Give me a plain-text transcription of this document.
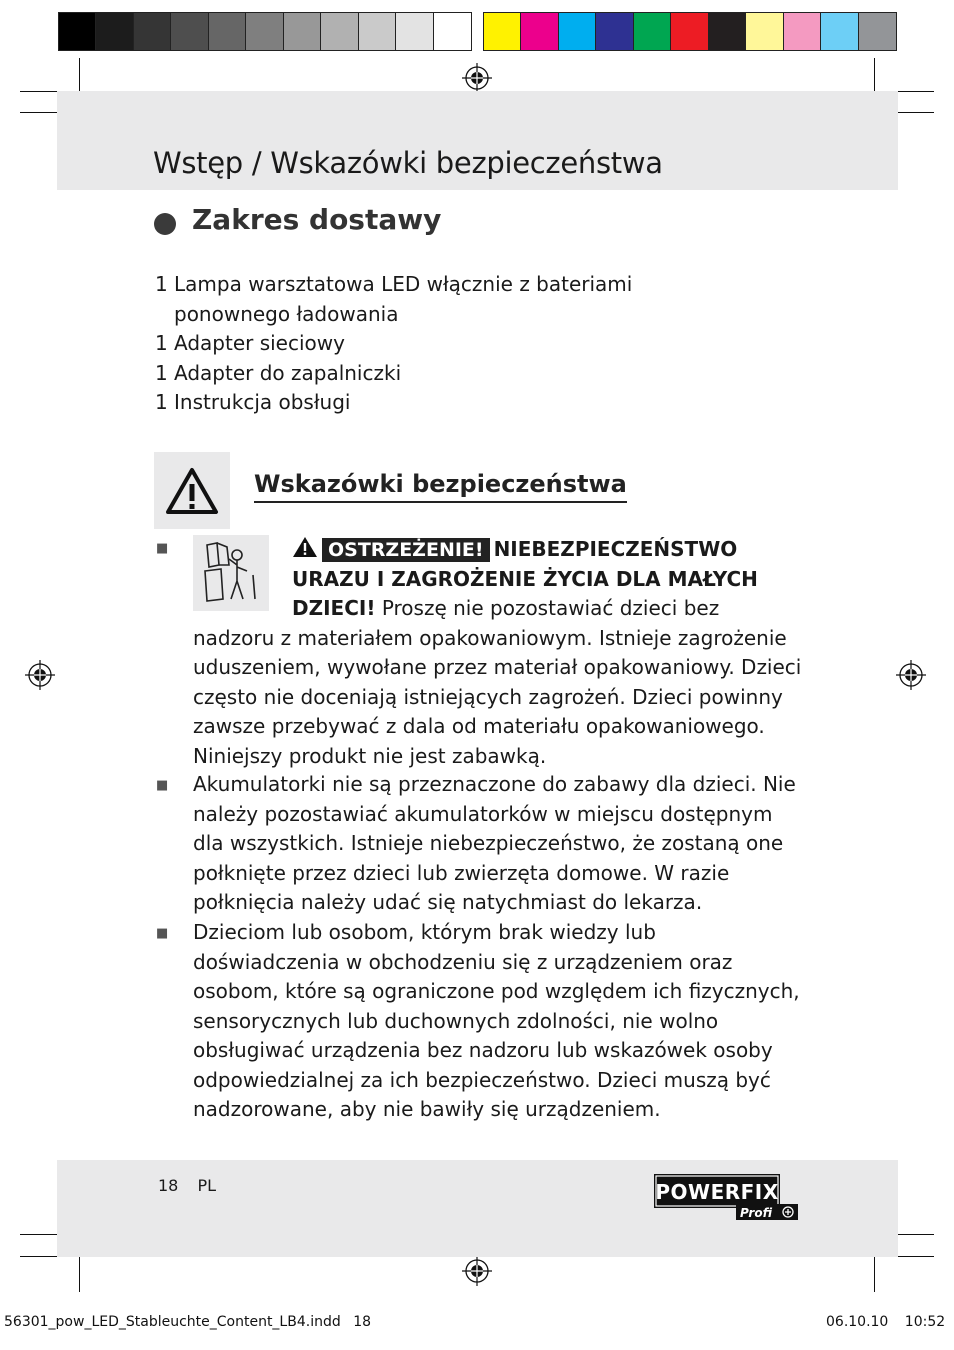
Wstęp / Wskazówki bezpieczeństwa
Zakres dostawy
1 Lampa warsztatowa LED włącznie z bateriami ponownego ładowania
1 Adapter sieciowy
1 Adapter do zapalniczki
1 Instrukcja obsługi
Wskazówki bezpieczeństwa
■	OSTRZEŻENIE! NIEBEZPIECZEŃSTWO URAZU I ZAGROŻENIE ŻYCIA DLA MAŁYCH DZIECI! Proszę nie pozostawiać dzieci bez nadzoru z materiałem opakowaniowym. Istnieje zagrożenie uduszeniem, wywołane przez materiał opakowaniowy. Dzieci często nie doceniają istniejących zagrożeń. Dzieci powinny zawsze przebywać z dala od materiału opakowaniowego. Niniejszy produkt nie jest zabawką.

■ Akumulatorki nie są przeznaczone do zabawy dla dzieci. Nie należy pozostawiać akumulatorków w miejscu dostępnym dla wszystkich. Istnieje niebezpieczeństwo, że zostaną one połknięte przez dzieci lub zwierzęta domowe. W razie połknięcia należy udać się natychmiast do lekarza.

■ Dzieciom lub osobom, którym brak wiedzy lub doświadczenia w obchodzeniu się z urządzeniem oraz osobom, które są ograniczone pod względem ich fizycznych, sensorycznych lub duchownych zdolności, nie wolno obsługiwać urządzenia bez nadzoru lub wskazówek osoby odpowiedzialnej za ich bezpieczeństwo. Dzieci muszą być nadzorowane, aby nie bawiły się urządzeniem.

18 PL	POWERFIX
Profi
56301_pow_LED_Stableuchte_Content_LB4.indd 18	06.10.10 10:52
